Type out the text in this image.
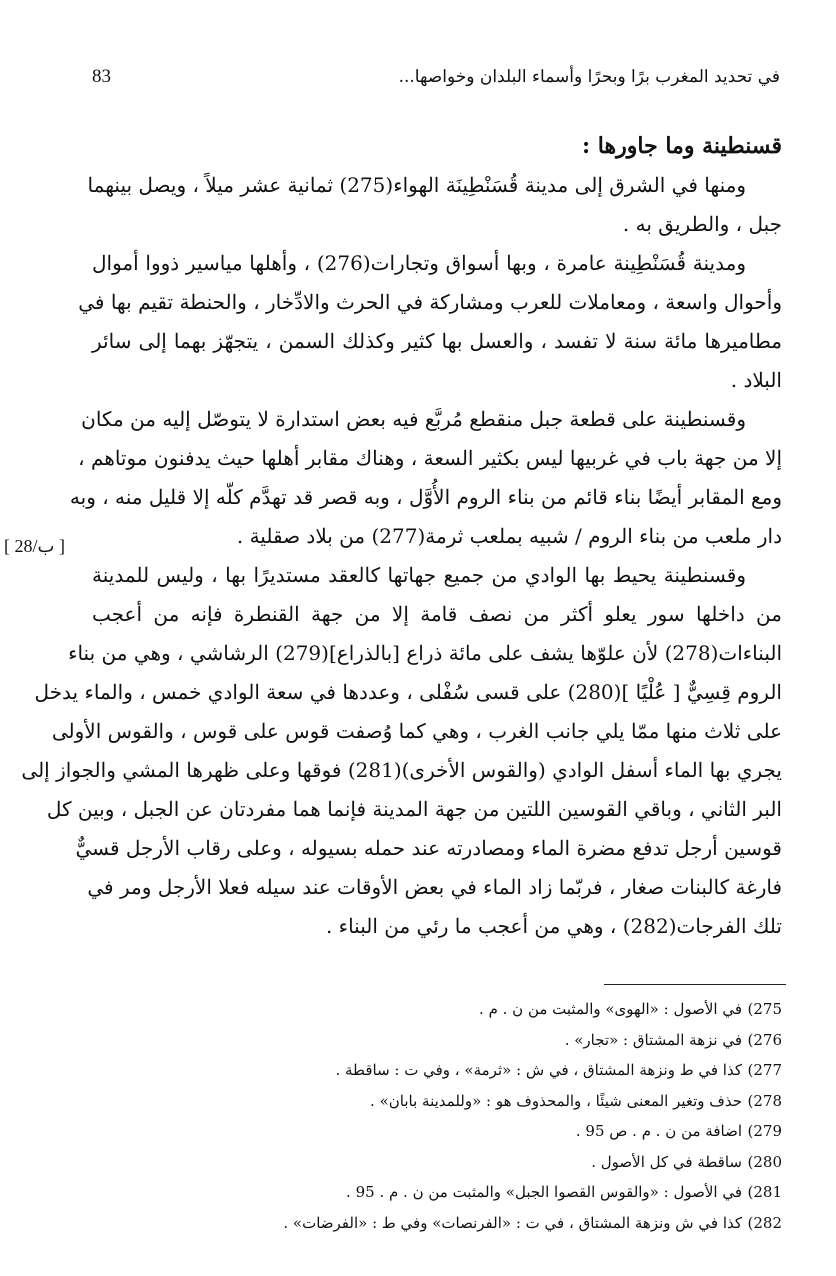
83	في تحديد المغرب برًا وبحرًا وأسماء البلدان وخواصها...
قسنطينة وما جاورها :
ومنها في الشرق إلى مدينة قُسَنْطِينَة الهواء(275) ثمانية عشر ميلاً ، ويصل بينهما
جبل ، والطريق به .
ومدينة قُسَنْطِينة عامرة ، وبها أسواق وتجارات(276) ، وأهلها مياسير ذووا أموال
وأحوال واسعة ، ومعاملات للعرب ومشاركة في الحرث والادِّخار ، والحنطة تقيم بها في
مطاميرها مائة سنة لا تفسد ، والعسل بها كثير وكذلك السمن ، يتجهّز بهما إلى سائر
البلاد .
وقسنطينة على قطعة جبل منقطع مُربَّع فيه بعض استدارة لا يتوصّل إليه من مكان
إلا من جهة باب في غربيها ليس بكثير السعة ، وهناك مقابر أهلها حيث يدفنون موتاهم ،
ومع المقابر أيضًا بناء قائم من بناء الروم الأُوَّل ، وبه قصر قد تهدَّم كلّه إلا قليل منه ، وبه
دار ملعب من بناء الروم / شبيه بملعب ثرمة(277) من بلاد صقلية .
وقسنطينة يحيط بها الوادي من جميع جهاتها كالعقد مستديرًا بها ، وليس للمدينة
من داخلها سور يعلو أكثر من نصف قامة إلا من جهة القنطرة فإنه من أعجب
البناءات(278) لأن علوّها يشف على مائة ذراع [بالذراع](279) الرشاشي ، وهي من بناء
الروم قِسِيٌّ [ عُلْيًا ](280) على قسى سُفْلى ، وعددها في سعة الوادي خمس ، والماء يدخل
على ثلاث منها ممّا يلي جانب الغرب ، وهي كما وُصفت قوس على قوس ، والقوس الأولى
يجري بها الماء أسفل الوادي (والقوس الأخرى)(281) فوقها وعلى ظهرها المشي والجواز إلى
البر الثاني ، وباقي القوسين اللتين من جهة المدينة فإنما هما مفردتان عن الجبل ، وبين كل
قوسين أرجل تدفع مضرة الماء ومصادرته عند حمله بسيوله ، وعلى رقاب الأرجل قسيٌّ
فارغة كالبنات صغار ، فربّما زاد الماء في بعض الأوقات عند سيله فعلا الأرجل ومر في
تلك الفرجات(282) ، وهي من أعجب ما رئي من البناء .
[ 28/ب ]
275)في الأصول : «الهوى» والمثبت من ن . م .
276)في نزهة المشتاق : «تجار» .
277)كذا في ط ونزهة المشتاق ، في ش : «ثرمة» ، وفي ت : ساقطة .
278)حذف وتغير المعنى شيئًا ، والمحذوف هو : «وللمدينة بابان» .
279)اضافة من ن . م . ص 95 .
280)ساقطة في كل الأصول .
281)في الأصول : «والقوس القصوا الجبل» والمثبت من ن . م . 95 .
282)كذا في ش ونزهة المشتاق ، في ت : «الفرنصات» وفي ط : «الفرضات» .
